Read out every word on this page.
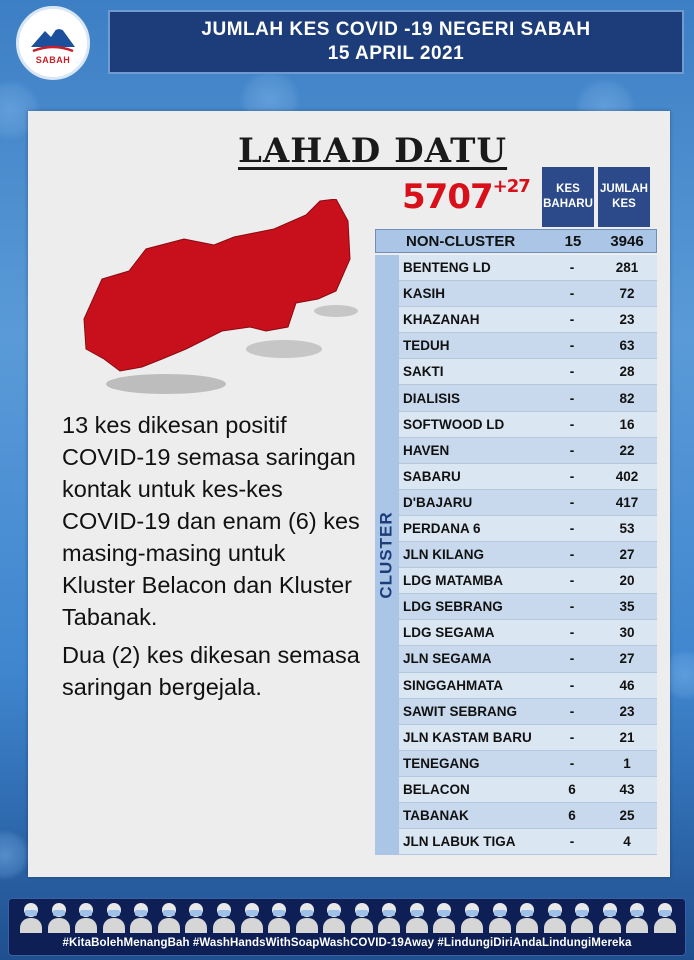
SABAH
JUMLAH KES COVID -19 NEGERI SABAH
15 APRIL 2021
LAHAD DATU
$5707^{+27}$

13 kes dikesan positif COVID-19 semasa saringan kontak untuk kes-kes COVID-19 dan enam (6) kes masing-masing untuk Kluster Belacon dan Kluster Tabanak.

Dua (2) kes dikesan semasa saringan bergejala.

KES BAHARU
JUMLAH KES
NON-CLUSTER	15	3946
CLUSTER
BENTENG LD	-	281
KASIH	-	72
KHAZANAH	-	23
TEDUH	-	63
SAKTI	-	28
DIALISIS	-	82
SOFTWOOD LD	-	16
HAVEN	-	22
SABARU	-	402
D'BAJARU	-	417
PERDANA 6	-	53
JLN KILANG	-	27
LDG MATAMBA	-	20
LDG SEBRANG	-	35
LDG SEGAMA	-	30
JLN SEGAMA	-	27
SINGGAHMATA	-	46
SAWIT SEBRANG	-	23
JLN KASTAM BARU	-	21
TENEGANG	-	1
BELACON	6	43
TABANAK	6	25
JLN LABUK TIGA	-	4
#KitaBolehMenangBah #WashHandsWithSoapWashCOVID-19Away #LindungiDiriAndaLindungiMereka
